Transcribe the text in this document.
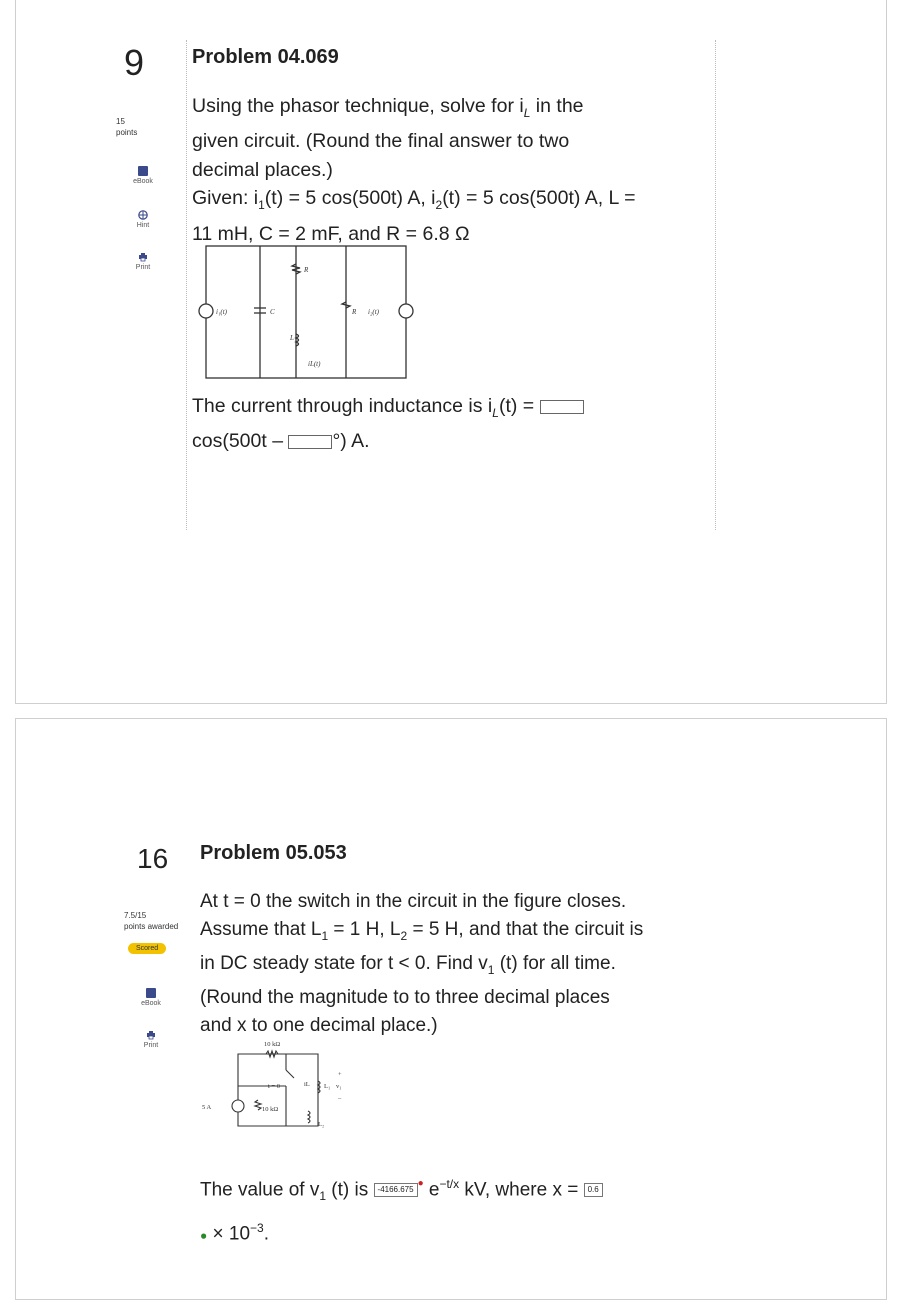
9
15
points
eBook
Hint
Print
Problem 04.069
Using the phasor technique, solve for $i_L$ in the
given circuit. (Round the final answer to two
decimal places.)
Given: $i_1(t) = 5$ cos(500t) A, $i_2(t) = 5$ cos(500t) A, L =
11 mH, C = 2 mF, and R = 6.8 Ω
i₁(t)	C
L
R
R i₂(t)
iL(t)
The current through inductance is $i_L(t)$ =
cos(500t –	°) A.
16
7.5/15
points awarded
Scored
eBook
Print
Problem 05.053
At t = 0 the switch in the circuit in the figure closes.
Assume that $L_1 = 1$ H, $L_2 = 5$ H, and that the circuit is
in DC steady state for t < 0. Find $v_1$ (t) for all time.
(Round the magnitude to to three decimal places
and x to one decimal place.)
10 kΩ
t = 0
5 A	10 kΩ
iL L₁ v₁
+
–
L₂
The value of $v_1$ (t) is -4166.675● $e^{-t/x}$ kV, where x = 0.6
● × $10^{-3}$.
